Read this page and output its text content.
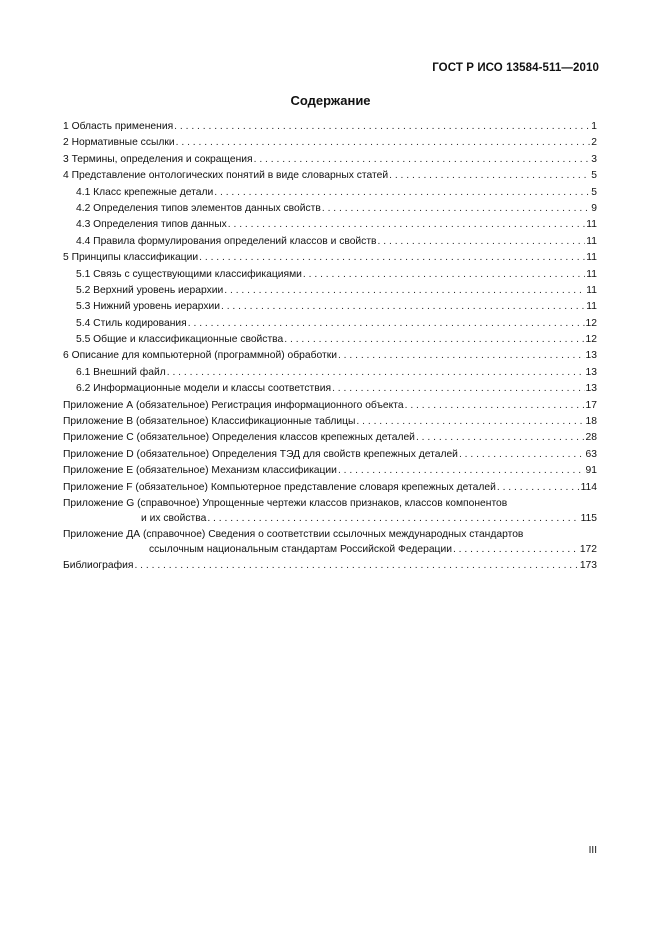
ГОСТ Р ИСО 13584-511—2010
Содержание
1 Область применения . . .	1
2 Нормативные ссылки . . .	2
3 Термины, определения и сокращения . . .	3
4 Представление онтологических понятий в виде словарных статей . . .	5
4.1 Класс крепежные детали . . .	5
4.2 Определения типов элементов данных свойств . . .	9
4.3 Определения типов данных . . .	11
4.4 Правила формулирования определений классов и свойств . . .	11
5 Принципы классификации . . .	11
5.1 Связь с существующими классификациями . . .	11
5.2 Верхний уровень иерархии . . .	11
5.3 Нижний уровень иерархии . . .	11
5.4 Стиль кодирования . . .	12
5.5 Общие и классификационные свойства . . .	12
6 Описание для компьютерной (программной) обработки . . .	13
6.1 Внешний файл . . .	13
6.2 Информационные модели и классы соответствия . . .	13
Приложение А (обязательное) Регистрация информационного объекта . . .	17
Приложение В (обязательное) Классификационные таблицы . . .	18
Приложение С (обязательное) Определения классов крепежных деталей . . .	28
Приложение D (обязательное) Определения ТЭД для свойств крепежных деталей . . .	63
Приложение E (обязательное) Механизм классификации . . .	91
Приложение F (обязательное) Компьютерное представление словаря крепежных деталей . . .	114
Приложение G (справочное) Упрощенные чертежи классов признаков, классов компонентов
и их свойства . . .	115
Приложение ДА (справочное) Сведения о соответствии ссылочных международных стандартов
ссылочным национальным стандартам Российской Федерации . . .	172
Библиография . . .	173
III
